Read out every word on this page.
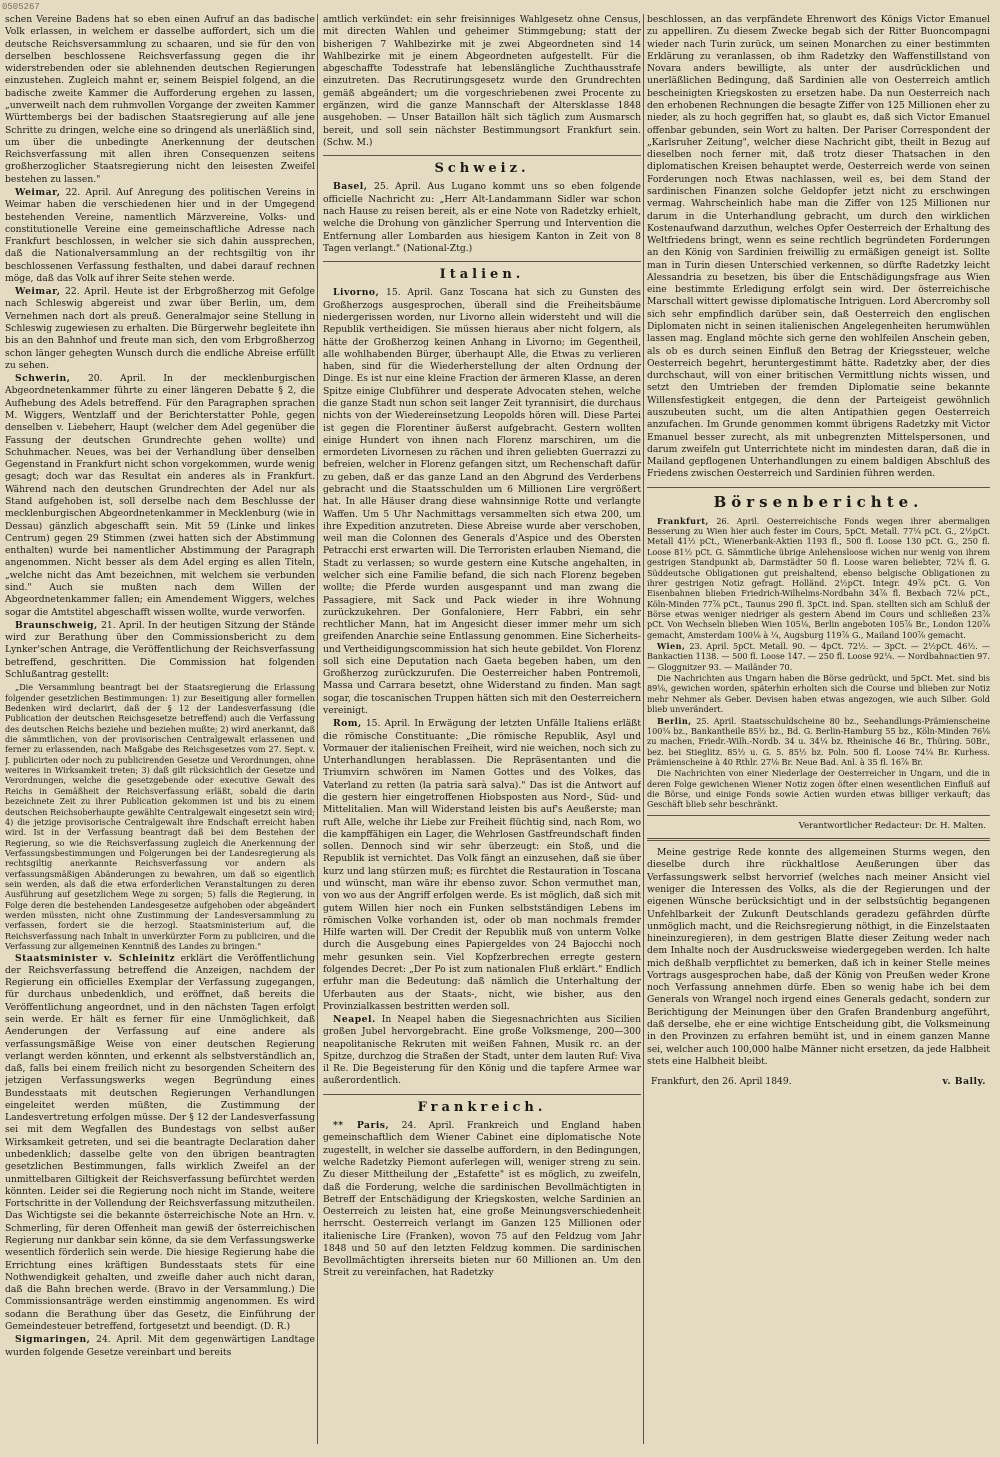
0505267

schen Vereine Badens hat so eben einen Aufruf an das badische Volk erlassen, in welchem er dasselbe auffordert, sich um die deutsche Reichsversammlung zu schaaren, und sie für den von derselben beschlossene Reichsverfassung gegen die ihr widerstrebenden oder sie ablehnenden deutschen Regierungen einzustehen. Zugleich mahnt er, seinem Beispiel folgend, an die badische zweite Kammer die Aufforderung ergehen zu lassen, „unverweilt nach dem ruhmvollen Vorgange der zweiten Kammer Württembergs bei der badischen Staatsregierung auf alle jene Schritte zu dringen, welche eine so dringend als unerläßlich sind, um über die unbedingte Anerkennung der deutschen Reichsverfassung mit allen ihren Consequenzen seitens großherzoglicher Staatsregierung nicht den leisesten Zweifel bestehen zu lassen."

Weimar, 22. April. Auf Anregung des politischen Vereins in Weimar haben die verschiedenen hier und in der Umgegend bestehenden Vereine, namentlich Märzvereine, Volks- und constitutionelle Vereine eine gemeinschaftliche Adresse nach Frankfurt beschlossen, in welcher sie sich dahin aussprechen, daß die Nationalversammlung an der rechtsgiltig von ihr beschlossenen Verfassung festhalten, und dabei darauf rechnen möge, daß das Volk auf ihrer Seite stehen werde.

Weimar, 22. April. Heute ist der Erbgroßherzog mit Gefolge nach Schleswig abgereist und zwar über Berlin, um, dem Vernehmen nach dort als preuß. Generalmajor seine Stellung in Schleswig zugewiesen zu erhalten. Die Bürgerwehr begleitete ihn bis an den Bahnhof und freute man sich, den vom Erbgroßherzog schon länger gehegten Wunsch durch die endliche Abreise erfüllt zu sehen.

Schwerin, 20. April. In der mecklenburgischen Abgeordnetenkammer führte zu einer längeren Debatte § 2, die Aufhebung des Adels betreffend. Für den Paragraphen sprachen M. Wiggers, Wentzlaff und der Berichterstatter Pohle, gegen denselben v. Liebeherr, Haupt (welcher dem Adel gegenüber die Fassung der deutschen Grundrechte gehen wollte) und Schuhmacher. Neues, was bei der Verhandlung über denselben Gegenstand in Frankfurt nicht schon vorgekommen, wurde wenig gesagt; doch war das Resultat ein anderes als in Frankfurt. Während nach den deutschen Grundrechten der Adel nur als Stand aufgehoben ist, soll derselbe nach dem Beschlusse der mecklenburgischen Abgeordnetenkammer in Mecklenburg (wie in Dessau) gänzlich abgeschafft sein. Mit 59 (Linke und linkes Centrum) gegen 29 Stimmen (zwei hatten sich der Abstimmung enthalten) wurde bei namentlicher Abstimmung der Paragraph angenommen. Nicht besser als dem Adel erging es allen Titeln, „welche nicht das Amt bezeichnen, mit welchem sie verbunden sind." Auch sie mußten nach dem Willen der Abgeordnetenkammer fallen; ein Amendement Wiggers, welches sogar die Amtstitel abgeschafft wissen wollte, wurde verworfen.

Braunschweig, 21. April. In der heutigen Sitzung der Stände wird zur Berathung über den Commissionsbericht zu dem Lynker'schen Antrage, die Veröffentlichung der Reichsverfassung betreffend, geschritten. Die Commission hat folgenden Schlußantrag gestellt:

„Die Versammlung beantragt bei der Staatsregierung die Erlassung folgender gesetzlichen Bestimmungen: 1) zur Beseitigung aller formellen Bedenken wird declarirt, daß der § 12 der Landesverfassung (die Publication der deutschen Reichsgesetze betreffend) auch die Verfassung des deutschen Reichs beziehe und beziehen mußte; 2) wird anerkannt, daß die sämmtlichen, von der provisorischen Centralgewalt erlassenen und ferner zu erlassenden, nach Maßgabe des Reichsgesetzes vom 27. Sept. v. J. publicirten oder noch zu publicirenden Gesetze und Verordnungen, ohne weiteres in Wirksamkeit treten; 3) daß gilt rücksichtlich der Gesetze und Verordnungen, welche die gesetzgebende oder executive Gewalt des Reichs in Gemäßheit der Reichsverfassung erläßt, sobald die darin bezeichnete Zeit zu ihrer Publication gekommen ist und bis zu einem deutschen Reichsoberhaupte gewählte Centralgewalt eingesetzt sein wird; 4) die jetzige provisorische Centralgewalt ihre Endschaft erreicht haben wird. Ist in der Verfassung beantragt daß bei dem Bestehen der Regierung, so wie die Reichsverfassung zugleich die Anerkennung der Verfassungsbestimmungen und Folgerungen bei der Landesregierung als rechtsgiltig anerkannte Reichsverfassung vor andern als verfassungsmäßigen Abänderungen zu bewahren, um daß so eigentlich sein werden, als daß die etwa erforderlichen Veranstaltungen zu deren Ausführung auf gesetzlichem Wege zu sorgen; 5) falls die Regierung, in Folge deren die bestehenden Landesgesetze aufgehoben oder abgeändert werden müssten, nicht ohne Zustimmung der Landesversammlung zu verfassen, fordert sie die herzogl. Staatsministerium auf, die Reichsverfassung nach Inhalt in unverkürzter Form zu publiciren, und die Verfassung zur allgemeinen Kenntniß des Landes zu bringen."

Staatsminister v. Schleinitz erklärt die Veröffentlichung der Reichsverfassung betreffend die Anzeigen, nachdem der Regierung ein officielles Exemplar der Verfassung zugegangen, für durchaus unbedenklich, und eröffnet, daß bereits die Veröffentlichung angeordnet, und in den nächsten Tagen erfolgt sein werde. Er hält es ferner für eine Unmöglichkeit, daß Aenderungen der Verfassung auf eine andere als verfassungsmäßige Weise von einer deutschen Regierung verlangt werden könnten, und erkennt als selbstverständlich an, daß, falls bei einem freilich nicht zu besorgenden Scheitern des jetzigen Verfassungswerks wegen Begründung eines Bundesstaats mit deutschen Regierungen Verhandlungen eingeleitet werden müßten, die Zustimmung der Landesvertretung erfolgen müsse. Der § 12 der Landesverfassung sei mit dem Wegfallen des Bundestags von selbst außer Wirksamkeit getreten, und sei die beantragte Declaration daher unbedenklich; dasselbe gelte von den übrigen beantragten gesetzlichen Bestimmungen, falls wirklich Zweifel an der unmittelbaren Giltigkeit der Reichsverfassung befürchtet werden könnten. Leider sei die Regierung noch nicht im Stande, weitere Fortschritte in der Vollendung der Reichsverfassung mitzutheilen. Das Wichtigste sei die bekannte österreichische Note an Hrn. v. Schmerling, für deren Offenheit man gewiß der österreichischen Regierung nur dankbar sein könne, da sie dem Verfassungswerke wesentlich förderlich sein werde. Die hiesige Regierung habe die Errichtung eines kräftigen Bundesstaats stets für eine Nothwendigkeit gehalten, und zweifle daher auch nicht daran, daß die Bahn brechen werde. (Bravo in der Versammlung.) Die Commissionsanträge werden einstimmig angenommen. Es wird sodann die Berathung über das Gesetz, die Einführung der Gemeindesteuer betreffend, fortgesetzt und beendigt. (D. R.)

Sigmaringen, 24. April. Mit dem gegenwärtigen Landtage wurden folgende Gesetze vereinbart und bereits

amtlich verkündet: ein sehr freisinniges Wahlgesetz ohne Census, mit directen Wahlen und geheimer Stimmgebung; statt der bisherigen 7 Wahlbezirke mit je zwei Abgeordneten sind 14 Wahlbezirke mit je einem Abgeordneten aufgestellt. Für die abgeschaffte Todesstrafe hat lebenslängliche Zuchthausstrafe einzutreten. Das Recrutirungsgesetz wurde den Grundrechten gemäß abgeändert; um die vorgeschriebenen zwei Procente zu ergänzen, wird die ganze Mannschaft der Altersklasse 1848 ausgehoben. — Unser Bataillon hält sich täglich zum Ausmarsch bereit, und soll sein nächster Bestimmungsort Frankfurt sein. (Schw. M.)

Schweiz.

Basel, 25. April. Aus Lugano kommt uns so eben folgende officielle Nachricht zu: „Herr Alt-Landammann Sidler war schon nach Hause zu reisen bereit, als er eine Note von Radetzky erhielt, welche die Drohung von gänzlicher Sperrung und Intervention die Entfernung aller Lombarden aus hiesigem Kanton in Zeit von 8 Tagen verlangt." (National-Ztg.)

Italien.

Livorno, 15. April. Ganz Toscana hat sich zu Gunsten des Großherzogs ausgesprochen, überall sind die Freiheitsbäume niedergerissen worden, nur Livorno allein widersteht und will die Republik vertheidigen. Sie müssen hieraus aber nicht folgern, als hätte der Großherzog keinen Anhang in Livorno; im Gegentheil, alle wohlhabenden Bürger, überhaupt Alle, die Etwas zu verlieren haben, sind für die Wiederherstellung der alten Ordnung der Dinge. Es ist nur eine kleine Fraction der ärmeren Klasse, an deren Spitze einige Clubführer und desperate Advocaten stehen, welche die ganze Stadt nun schon seit langer Zeit tyrannisirt, die durchaus nichts von der Wiedereinsetzung Leopolds hören will. Diese Partei ist gegen die Florentiner äußerst aufgebracht. Gestern wollten einige Hundert von ihnen nach Florenz marschiren, um die ermordeten Livornesen zu rächen und ihren geliebten Guerrazzi zu befreien, welcher in Florenz gefangen sitzt, um Rechenschaft dafür zu geben, daß er das ganze Land an den Abgrund des Verderbens gebracht und die Staatsschulden um 6 Millionen Lire vergrößert hat. In alle Häuser drang diese wahnsinnige Rotte und verlangte Waffen. Um 5 Uhr Nachmittags versammelten sich etwa 200, um ihre Expedition anzutreten. Diese Abreise wurde aber verschoben, weil man die Colonnen des Generals d'Aspice und des Obersten Petracchi erst erwarten will. Die Terroristen erlauben Niemand, die Stadt zu verlassen; so wurde gestern eine Kutsche angehalten, in welcher sich eine Familie befand, die sich nach Florenz begeben wollte; die Pferde wurden ausgespannt und man zwang die Passagiere, mit Sack und Pack wieder in ihre Wohnung zurückzukehren. Der Gonfaloniere, Herr Fabbri, ein sehr rechtlicher Mann, hat im Angesicht dieser immer mehr um sich greifenden Anarchie seine Entlassung genommen. Eine Sicherheits- und Vertheidigungscommission hat sich heute gebildet. Von Florenz soll sich eine Deputation nach Gaeta begeben haben, um den Großherzog zurückzurufen. Die Oesterreicher haben Pontremoli, Massa und Carrara besetzt, ohne Widerstand zu finden. Man sagt sogar, die toscanischen Truppen hätten sich mit den Oesterreichern vereinigt.

Rom, 15. April. In Erwägung der letzten Unfälle Italiens erläßt die römische Constituante: „Die römische Republik, Asyl und Vormauer der italienischen Freiheit, wird nie weichen, noch sich zu Unterhandlungen herablassen. Die Repräsentanten und die Triumvirn schwören im Namen Gottes und des Volkes, das Vaterland zu retten (la patria sarà salva)." Das ist die Antwort auf die gestern hier eingetroffenen Hiobsposten aus Nord-, Süd- und Mittelitalien. Man will Widerstand leisten bis auf's Aeußerste; man ruft Alle, welche ihr Liebe zur Freiheit flüchtig sind, nach Rom, wo die kampffähigen ein Lager, die Wehrlosen Gastfreundschaft finden sollen. Dennoch sind wir sehr überzeugt: ein Stoß, und die Republik ist vernichtet. Das Volk fängt an einzusehen, daß sie über kurz und lang stürzen muß; es fürchtet die Restauration in Toscana und wünscht, man wäre ihr ebenso zuvor. Schon vermuthet man, von wo aus der Angriff erfolgen werde. Es ist möglich, daß sich mit gutem Willen hier noch ein Funken selbstständigen Lebens im römischen Volke vorhanden ist, oder ob man nochmals fremder Hilfe warten will. Der Credit der Republik muß von unterm Volke durch die Ausgebung eines Papiergeldes von 24 Bajocchi noch mehr gesunken sein. Viel Kopfzerbrechen erregte gestern folgendes Decret: „Der Po ist zum nationalen Fluß erklärt." Endlich erfuhr man die Bedeutung: daß nämlich die Unterhaltung der Uferbauten aus der Staats-, nicht, wie bisher, aus den Provinzialkassen bestritten werden soll.

Neapel. In Neapel haben die Siegesnachrichten aus Sicilien großen Jubel hervorgebracht. Eine große Volksmenge, 200—300 neapolitanische Rekruten mit weißen Fahnen, Musik rc. an der Spitze, durchzog die Straßen der Stadt, unter dem lauten Ruf: Viva il Re. Die Begeisterung für den König und die tapfere Armee war außerordentlich.

Frankreich.

** Paris, 24. April. Frankreich und England haben gemeinschaftlich dem Wiener Cabinet eine diplomatische Note zugestellt, in welcher sie dasselbe auffordern, in den Bedingungen, welche Radetzky Piemont auferlegen will, weniger streng zu sein. Zu dieser Mittheilung der „Estafette" ist es möglich, zu zweifeln, daß die Forderung, welche die sardinischen Bevollmächtigten in Betreff der Entschädigung der Kriegskosten, welche Sardinien an Oesterreich zu leisten hat, eine große Meinungsverschiedenheit herrscht. Oesterreich verlangt im Ganzen 125 Millionen oder italienische Lire (Franken), wovon 75 auf den Feldzug vom Jahr 1848 und 50 auf den letzten Feldzug kommen. Die sardinischen Bevollmächtigten ihrerseits bieten nur 60 Millionen an. Um den Streit zu vereinfachen, hat Radetzky

beschlossen, an das verpfändete Ehrenwort des Königs Victor Emanuel zu appelliren. Zu diesem Zwecke begab sich der Ritter Buoncompagni wieder nach Turin zurück, um seinen Monarchen zu einer bestimmten Erklärung zu veranlassen, ob ihm Radetzky den Waffenstillstand von Novara anders bewilligte, als unter der ausdrücklichen und unerläßlichen Bedingung, daß Sardinien alle von Oesterreich amtlich bescheinigten Kriegskosten zu ersetzen habe. Da nun Oesterreich nach den erhobenen Rechnungen die besagte Ziffer von 125 Millionen eher zu nieder, als zu hoch gegriffen hat, so glaubt es, daß sich Victor Emanuel offenbar gebunden, sein Wort zu halten. Der Pariser Correspondent der „Karlsruher Zeitung", welcher diese Nachricht gibt, theilt in Bezug auf dieselben noch ferner mit, daß trotz dieser Thatsachen in den diplomatischen Kreisen behauptet werde, Oesterreich werde von seinen Forderungen noch Etwas nachlassen, weil es, bei dem Stand der sardinischen Finanzen solche Geldopfer jetzt nicht zu erschwingen vermag. Wahrscheinlich habe man die Ziffer von 125 Millionen nur darum in die Unterhandlung gebracht, um durch den wirklichen Kostenaufwand darzuthun, welches Opfer Oesterreich der Erhaltung des Weltfriedens bringt, wenn es seine rechtlich begründeten Forderungen an den König von Sardinien freiwillig zu ermäßigen geneigt ist. Sollte man in Turin diesen Unterschied verkennen, so dürfte Radetzky leicht Alessandria zu besetzen, bis über die Entschädigungsfrage aus Wien eine bestimmte Erledigung erfolgt sein wird. Der österreichische Marschall wittert gewisse diplomatische Intriguen. Lord Abercromby soll sich sehr empfindlich darüber sein, daß Oesterreich den englischen Diplomaten nicht in seinen italienischen Angelegenheiten herumwühlen lassen mag. England möchte sich gerne den wohlfeilen Anschein geben, als ob es durch seinen Einfluß den Betrag der Kriegssteuer, welche Oesterreich begehrt, heruntergestimmt hätte. Radetzky aber, der dies durchschaut, will von einer britischen Vermittlung nichts wissen, und setzt den Umtrieben der fremden Diplomatie seine bekannte Willensfestigkeit entgegen, die denn der Parteigeist gewöhnlich auszubeuten sucht, um die alten Antipathien gegen Oesterreich anzufachen. Im Grunde genommen kommt übrigens Radetzky mit Victor Emanuel besser zurecht, als mit unbegrenzten Mittelspersonen, und darum zweifeln gut Unterrichtete nicht im mindesten daran, daß die in Mailand gepflogenen Unterhandlungen zu einem baldigen Abschluß des Friedens zwischen Oesterreich und Sardinien führen werden.

Börsenberichte.

Frankfurt, 26. April. Oesterreichische Fonds wegen ihrer abermaligen Besserung zu Wien hier auch fester im Cours, 5pCt. Metall. 77¼ pCt. G., 2½pCt. Metall 41½ pCt., Wienerbank-Aktien 1193 fl., 500 fl. Loose 130 pCt. G., 250 fl. Loose 81½ pCt. G. Sämmtliche übrige Anlehensloose wichen nur wenig von ihrem gestrigen Standpunkt ab, Darmstädter 50 fl. Loose waren beliebter, 72¼ fl. G. Süddeutsche Obligationen gut preishaltend, ebenso belgische Obligationen zu ihrer gestrigen Notiz gefragt. Holländ. 2½pCt. Integr. 49⅞ pCt. G. Von Eisenbahnen blieben Friedrich-Wilhelms-Nordbahn 34⅞ fl. Bexbach 72⅛ pCt., Köln-Minden 77⅞ pCt., Taunus 290 fl. 3pCt. ind. Span. stellten sich am Schluß der Börse etwas weniger niedriger als gestern Abend im Cours und schließen 23⅞ pCt. Von Wechseln blieben Wien 105⅛, Berlin angeboten 105⅞ Br., London 120⅞ gemacht, Amsterdam 100⅛ à ¼, Augsburg 119⅞ G., Mailand 100⅞ gemacht.

Wien, 23. April. 5pCt. Metall. 90. — 4pCt. 72½. — 3pCt. — 2½pCt. 46½. — Bankactien 1138. — 500 fl. Loose 147. — 250 fl. Loose 92¼. — Nordbahnactien 97. — Gloggnitzer 93. — Mailänder 70.

Die Nachrichten aus Ungarn haben die Börse gedrückt, und 5pCt. Met. sind bis 89⅛, gewichen worden, späterhin erholten sich die Course und blieben zur Notiz mehr Nehmer als Geber. Devisen haben etwas angezogen, wie auch Silber. Gold blieb unverändert.

Berlin, 25. April. Staatsschuldscheine 80 bz., Seehandlungs-Prämienscheine 100¼ bz., Bankantheile 85½ bz., Bd. G. Berlin-Hamburg 55 bz., Köln-Minden 76⅛ zu machen, Friedr.-Wilh.-Nordb. 34 u. 34¼ bz. Rheinische 46 Br., Thüring. 50Br., bez. bei Stieglitz. 85½ u. G. 5. 85½ bz. Poln. 500 fl. Loose 74¼ Br. Kurhess. Prämienscheine à 40 Rthlr. 27⅛ Br. Neue Bad. Anl. à 35 fl. 16⅞ Br.

Die Nachrichten von einer Niederlage der Oesterreicher in Ungarn, und die in deren Folge gewichenen Wiener Notiz zogen öfter einen wesentlichen Einfluß auf die Börse, und einige Fonds sowie Actien wurden etwas billiger verkauft; das Geschäft blieb sehr beschränkt.

Verantwortlicher Redacteur: Dr. H. Malten.

Meine gestrige Rede konnte des allgemeinen Sturms wegen, den dieselbe durch ihre rückhaltlose Aeußerungen über das Verfassungswerk selbst hervorrief (welches nach meiner Ansicht viel weniger die Interessen des Volks, als die der Regierungen und der eigenen Wünsche berücksichtigt und in der selbstsüchtig begangenen Unfehlbarkeit der Zukunft Deutschlands geradezu gefährden dürfte unmöglich macht, und die Reichsregierung nöthigt, in die Einzelstaaten hineinzuregieren), in dem gestrigen Blatte dieser Zeitung weder nach dem Inhalte noch der Ausdrucksweise wiedergegeben werden. Ich halte mich deßhalb verpflichtet zu bemerken, daß ich in keiner Stelle meines Vortrags ausgesprochen habe, daß der König von Preußen weder Krone noch Verfassung annehmen dürfe. Eben so wenig habe ich bei dem Generals von Wrangel noch irgend eines Generals gedacht, sondern zur Berichtigung der Meinungen über den Grafen Brandenburg angeführt, daß derselbe, ehe er eine wichtige Entscheidung gibt, die Volksmeinung in den Provinzen zu erfahren bemüht ist, und in einem ganzen Manne sei, welcher auch 100,000 halbe Männer nicht ersetzen, da jede Halbheit stets eine Halbheit bleibt.

Frankfurt, den 26. April 1849.	v. Bally.
